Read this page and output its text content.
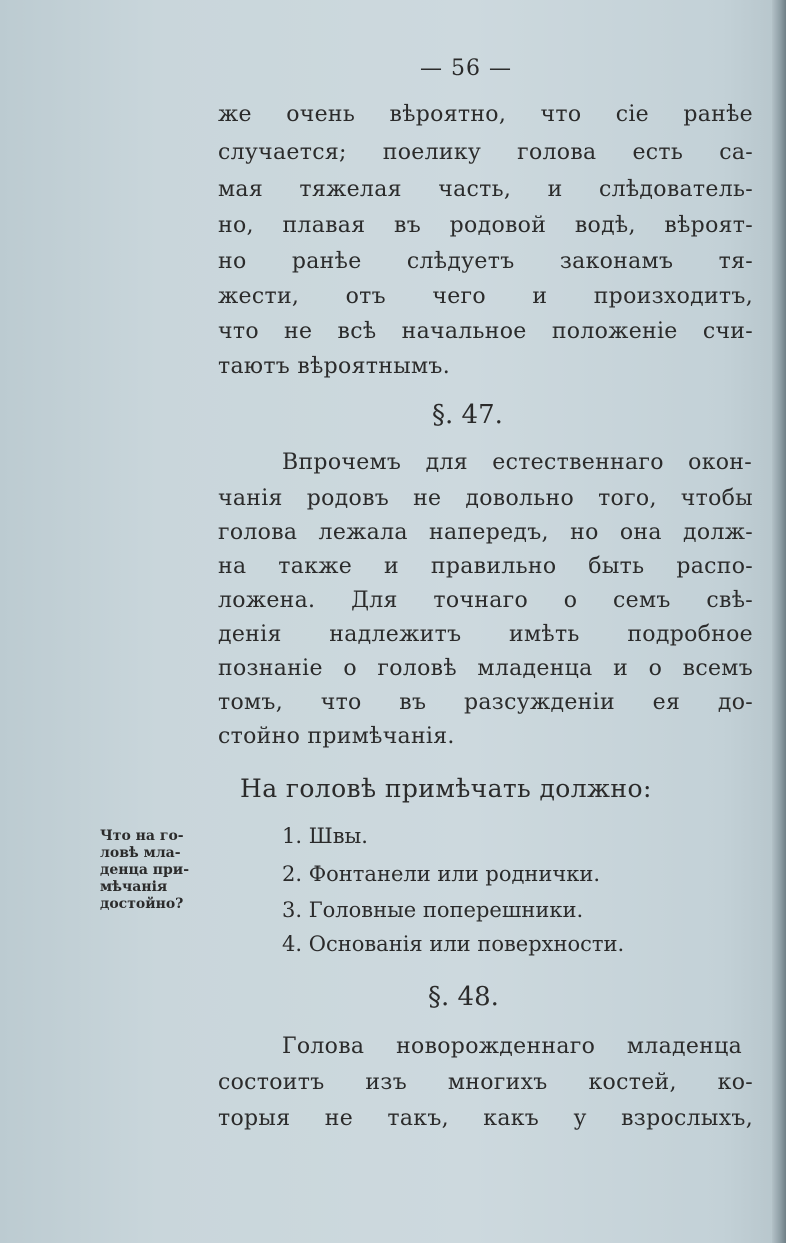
— 56 —
же очень вѣроятно, что сіе ранѣе
случается; поелику голова есть са-
мая тяжелая часть, и слѣдователь-
но, плавая въ родовой водѣ, вѣроят-
но ранѣе слѣдуетъ законамъ тя-
жести, отъ чего и произходитъ,
что не всѣ начальное положеніе счи-
таютъ вѣроятнымъ.
§. 47.
Впрочемъ для естественнаго окон-
чанія родовъ не довольно того, чтобы
голова лежала напередъ, но она долж-
на также и правильно быть распо-
ложена. Для точнаго о семъ свѣ-
денія надлежитъ имѣть подробное
познаніе о головѣ младенца и о всемъ
томъ, что въ разсужденіи ея до-
стойно примѣчанія.
На головѣ примѣчать должно:
Что на го-
ловѣ мла-
денца при-
мѣчанія
достойно?
1. Швы.
2. Фонтанели или роднички.
3. Головные поперешники.
4. Основанія или поверхности.
§. 48.
Голова новорожденнаго младенца
состоитъ изъ многихъ костей, ко-
торыя не такъ, какъ у взрослыхъ,
